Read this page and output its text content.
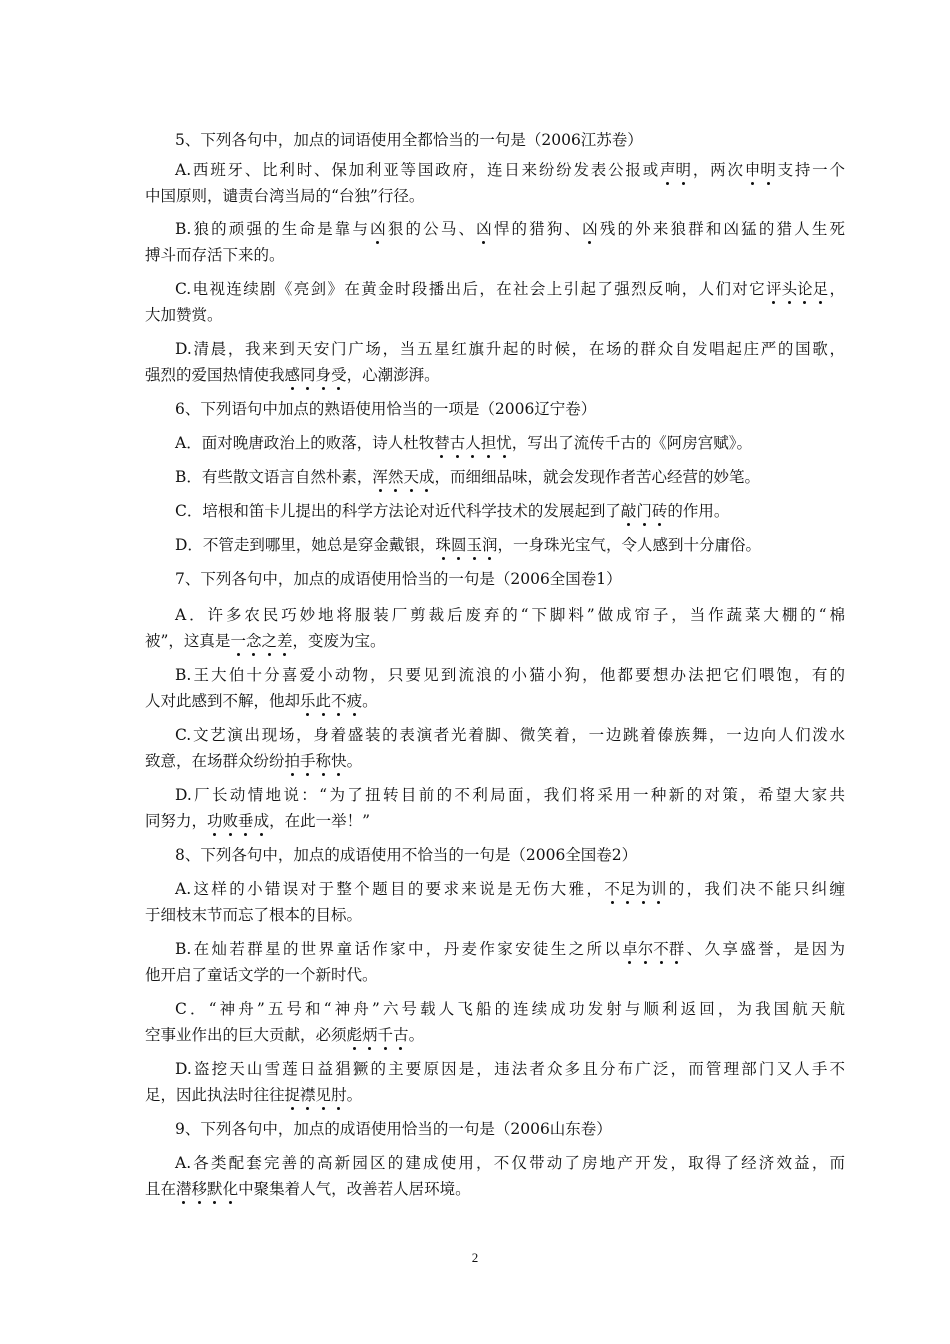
5、下列各句中，加点的词语使用全都恰当的一句是（2006江苏卷）
A.西班牙、比利时、保加利亚等国政府，连日来纷纷发表公报或声明，两次申明支持一个
中国原则，谴责台湾当局的“台独”行径。
B.狼的顽强的生命是靠与凶狠的公马、凶悍的猎狗、凶残的外来狼群和凶猛的猎人生死
搏斗而存活下来的。
C.电视连续剧《亮剑》在黄金时段播出后，在社会上引起了强烈反响，人们对它评头论足，
大加赞赏。
D.清晨，我来到天安门广场，当五星红旗升起的时候，在场的群众自发唱起庄严的国歌，
强烈的爱国热情使我感同身受，心潮澎湃。
6、下列语句中加点的熟语使用恰当的一项是（2006辽宁卷）
A．面对晚唐政治上的败落，诗人杜牧替古人担忧，写出了流传千古的《阿房宫赋》。
B．有些散文语言自然朴素，浑然天成，而细细品味，就会发现作者苦心经营的妙笔。
C．培根和笛卡儿提出的科学方法论对近代科学技术的发展起到了敲门砖的作用。
D．不管走到哪里，她总是穿金戴银，珠圆玉润，一身珠光宝气，令人感到十分庸俗。
7、下列各句中，加点的成语使用恰当的一句是（2006全国卷1）
A．许多农民巧妙地将服装厂剪裁后废弃的“下脚料”做成帘子，当作蔬菜大棚的“棉
被”，这真是一念之差，变废为宝。
B.王大伯十分喜爱小动物，只要见到流浪的小猫小狗，他都要想办法把它们喂饱，有的
人对此感到不解，他却乐此不疲。
C.文艺演出现场，身着盛装的表演者光着脚、微笑着，一边跳着傣族舞，一边向人们泼水
致意，在场群众纷纷拍手称快。
D.厂长动情地说：“为了扭转目前的不利局面，我们将采用一种新的对策，希望大家共
同努力，功败垂成，在此一举！”
8、下列各句中，加点的成语使用不恰当的一句是（2006全国卷2）
A.这样的小错误对于整个题目的要求来说是无伤大雅，不足为训的，我们决不能只纠缠
于细枝末节而忘了根本的目标。
B.在灿若群星的世界童话作家中，丹麦作家安徒生之所以卓尔不群、久享盛誉，是因为
他开启了童话文学的一个新时代。
C．“神舟”五号和“神舟”六号载人飞船的连续成功发射与顺利返回，为我国航天航
空事业作出的巨大贡献，必须彪炳千古。
D.盗挖天山雪莲日益猖獗的主要原因是，违法者众多且分布广泛，而管理部门又人手不
足，因此执法时往往捉襟见肘。
9、下列各句中，加点的成语使用恰当的一句是（2006山东卷）
A.各类配套完善的高新园区的建成使用，不仅带动了房地产开发，取得了经济效益，而
且在潜移默化中聚集着人气，改善若人居环境。
2
